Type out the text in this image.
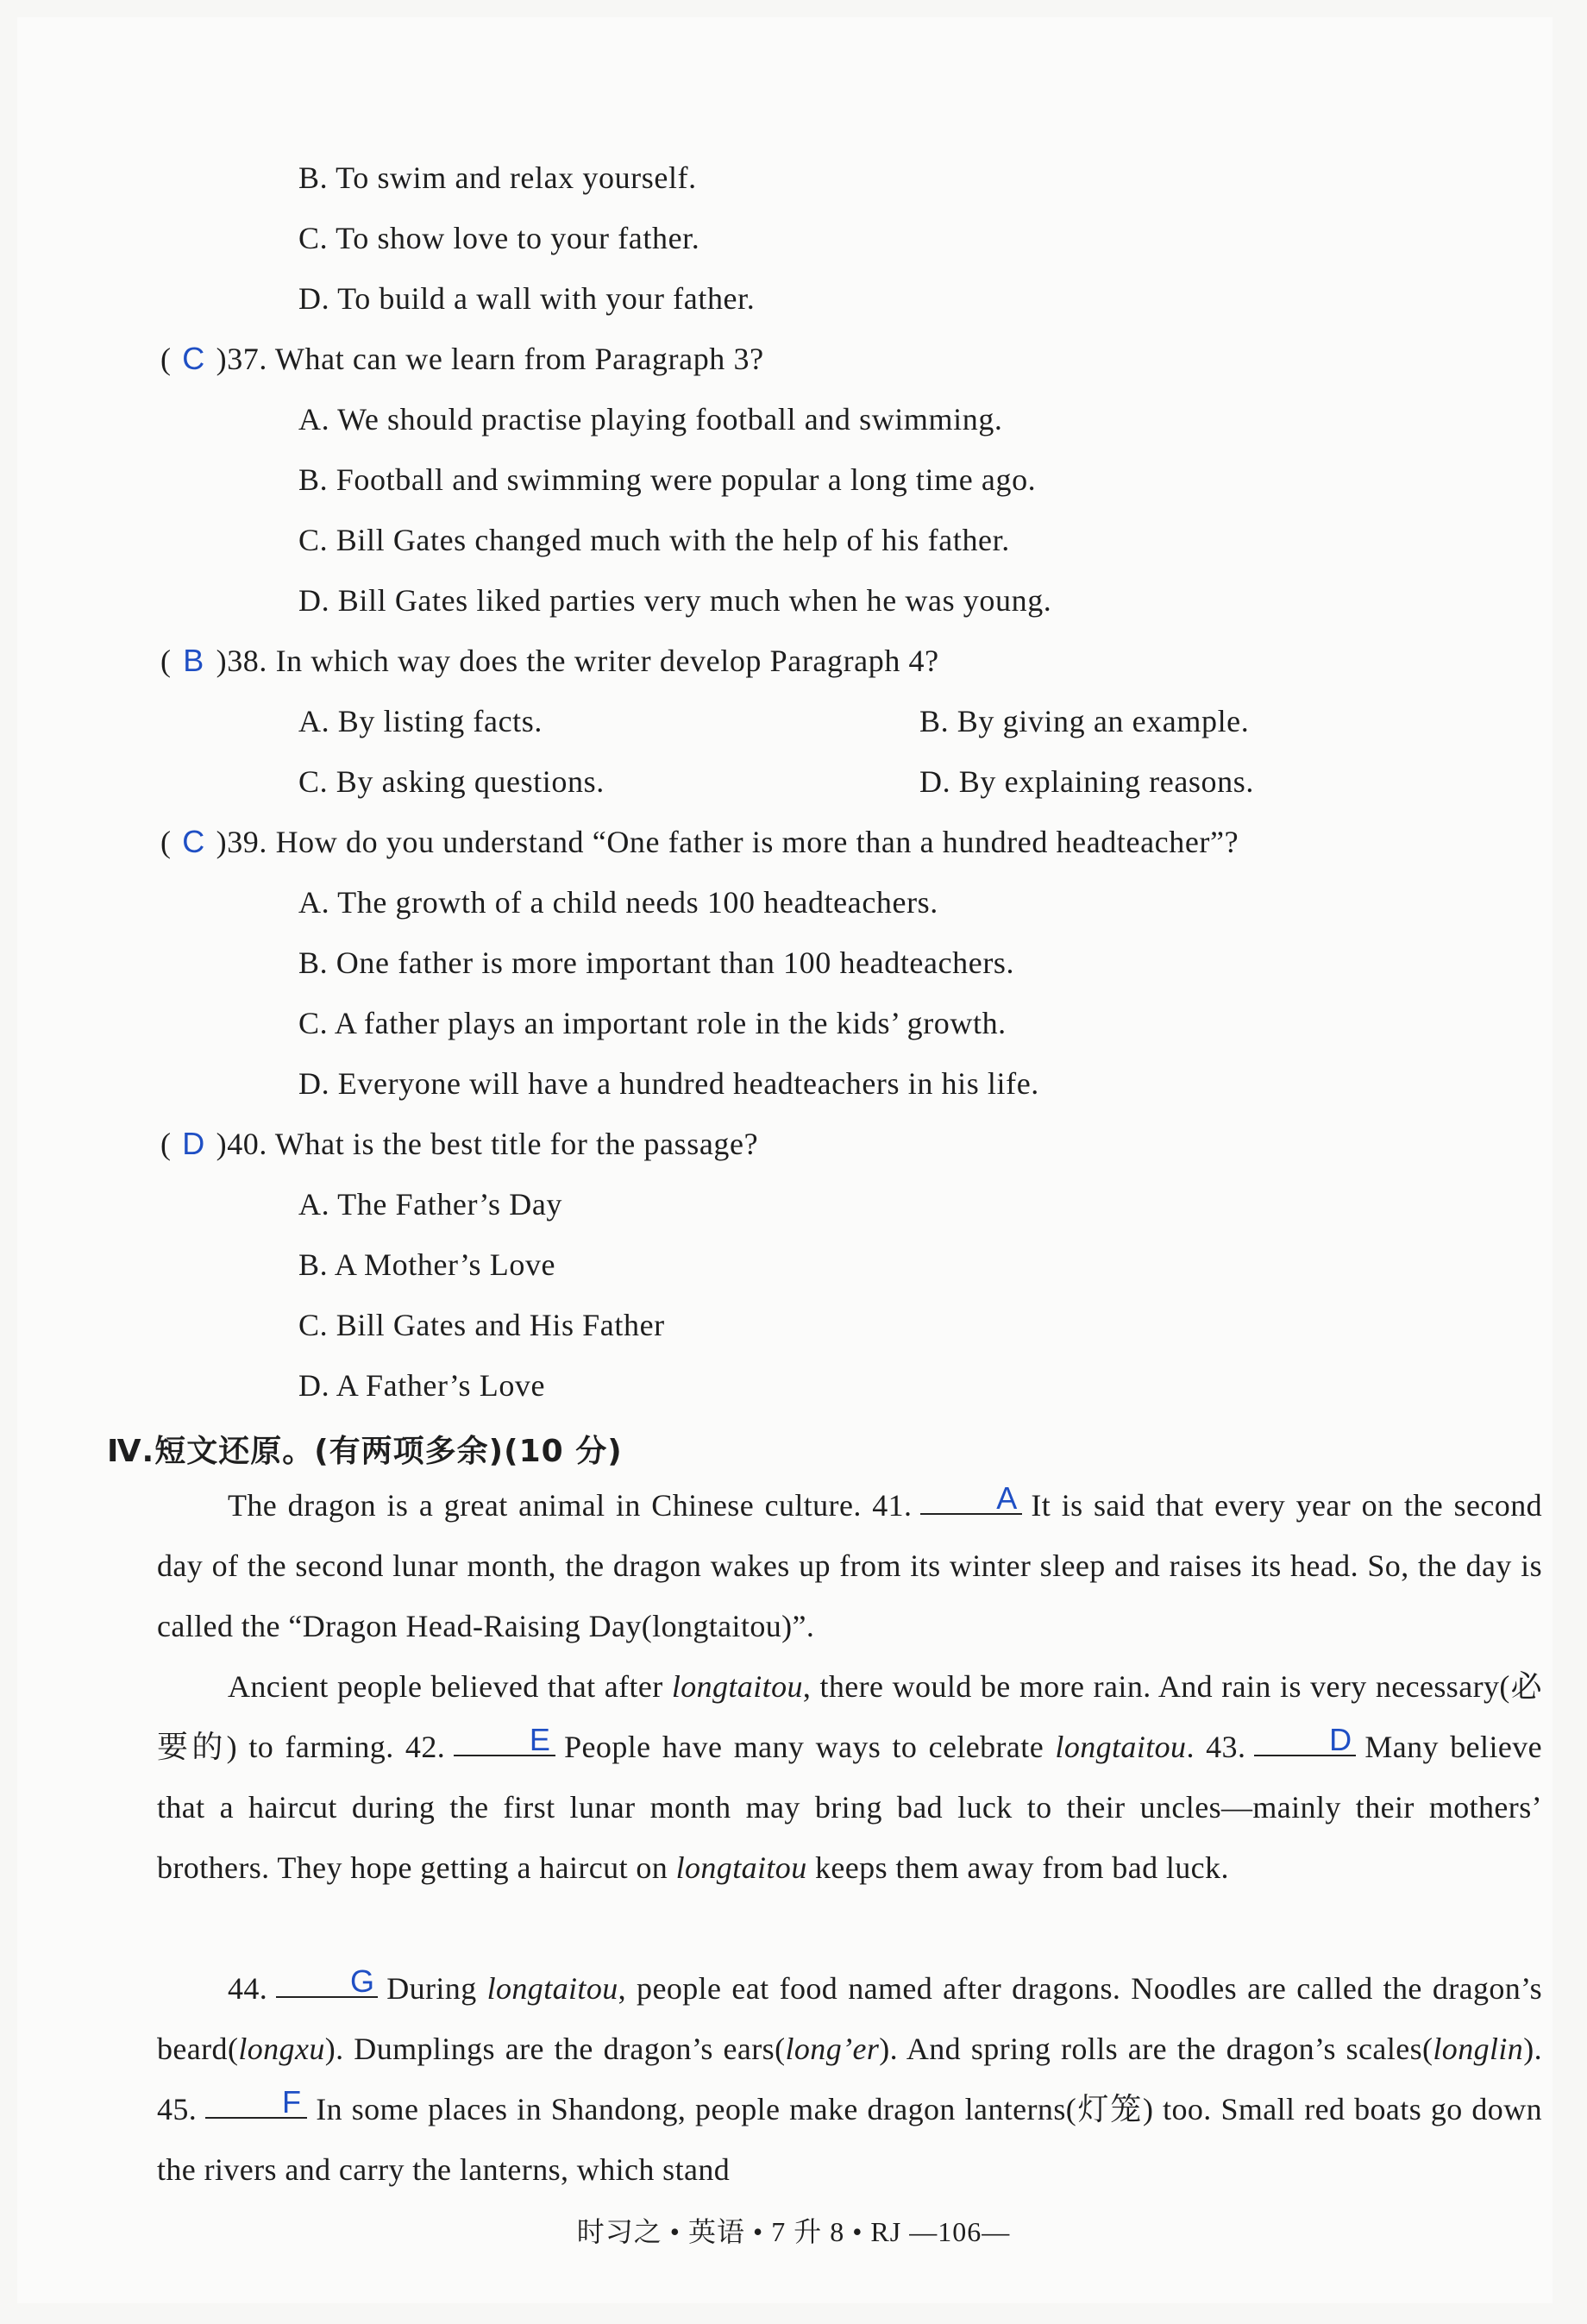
B. To swim and relax yourself.
C. To show love to your father.
D. To build a wall with your father.
( C )37. What can we learn from Paragraph 3?
A. We should practise playing football and swimming.
B. Football and swimming were popular a long time ago.
C. Bill Gates changed much with the help of his father.
D. Bill Gates liked parties very much when he was young.
( B )38. In which way does the writer develop Paragraph 4?
A. By listing facts.	B. By giving an example.
C. By asking questions.	D. By explaining reasons.
( C )39. How do you understand “One father is more than a hundred headteacher”?
A. The growth of a child needs 100 headteachers.
B. One father is more important than 100 headteachers.
C. A father plays an important role in the kids’ growth.
D. Everyone will have a hundred headteachers in his life.
( D )40. What is the best title for the passage?
A. The Father’s Day
B. A Mother’s Love
C. Bill Gates and His Father
D. A Father’s Love
Ⅳ.短文还原。(有两项多余)(10 分)
The dragon is a great animal in Chinese culture. 41.	A It is said that every year on the second day of the second lunar month, the dragon wakes up from its winter sleep and raises its head. So, the day is called the “Dragon Head-Raising Day(longtaitou)”.
Ancient people believed that after longtaitou, there would be more rain. And rain is very necessary(必要的) to farming. 42.	E People have many ways to celebrate longtaitou. 43.	D Many believe that a haircut during the first lunar month may bring bad luck to their uncles—mainly their mothers’ brothers. They hope getting a haircut on longtaitou keeps them away from bad luck.
44.	G During longtaitou, people eat food named after dragons. Noodles are called the dragon’s beard(longxu). Dumplings are the dragon’s ears(long’er). And spring rolls are the dragon’s scales(longlin). 45.	F In some places in Shandong, people make dragon lanterns(灯笼) too. Small red boats go down the rivers and carry the lanterns, which stand
时习之 • 英语 • 7 升 8 • RJ —106—
